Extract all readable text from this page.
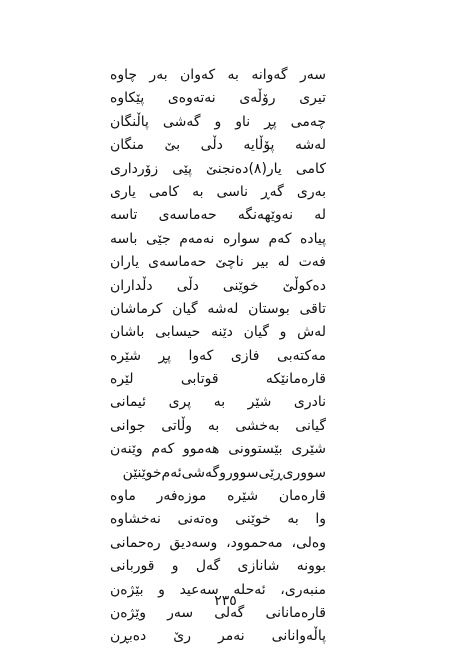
سەر گەوانە بە کەوان بەر چاوە
تیری رۆڵەی نەتەوەی پێکاوە
چەمی پڕ ناو و گەشی پاڵنگان
لەشە پۆڵایە دڵی بێ منگان
کامی یار(۸)دەنجنێ پێی زۆرداری
بەری گەڕ ناسی بە کامی یاری
لە نەوێهەنگە حەماسەی تاسە
پیادە کەم سوارە نەمەم جێی باسە
فەت لە بیر ناچێ حەماسەی یاران
دەکوڵێ خوێنی دڵی دڵداران
تاقی بوستان لەشە گیان کرماشان
لەش و گیان دێنە حیسابی باشان
مەکتەبی فازی کەوا پڕ شێرە
قارەمانێکە قوتابی لێرە
نادری شێر بە پری ئیمانی
گیانی بەخشی بە وڵاتی جوانی
شێری بێستوونی هەموو کەم وێنەن
سووری‌ڕێی‌سووروگەشی‌ئەم‌خوێنێن
قارەمان شێرە موزەفەر ماوە
وا بە خوێنی وەتەنی نەخشاوە
وەلی، مەحموود، وسەدیق رەحمانی
بوونە شانازی گەل و قوربانی
منبەری، ئەحلە سەعید و بێژەن
قارەمانانی گەلی سەر وێژەن
پاڵەوانانی نەمر رێ دەبڕن
٢٣٥
